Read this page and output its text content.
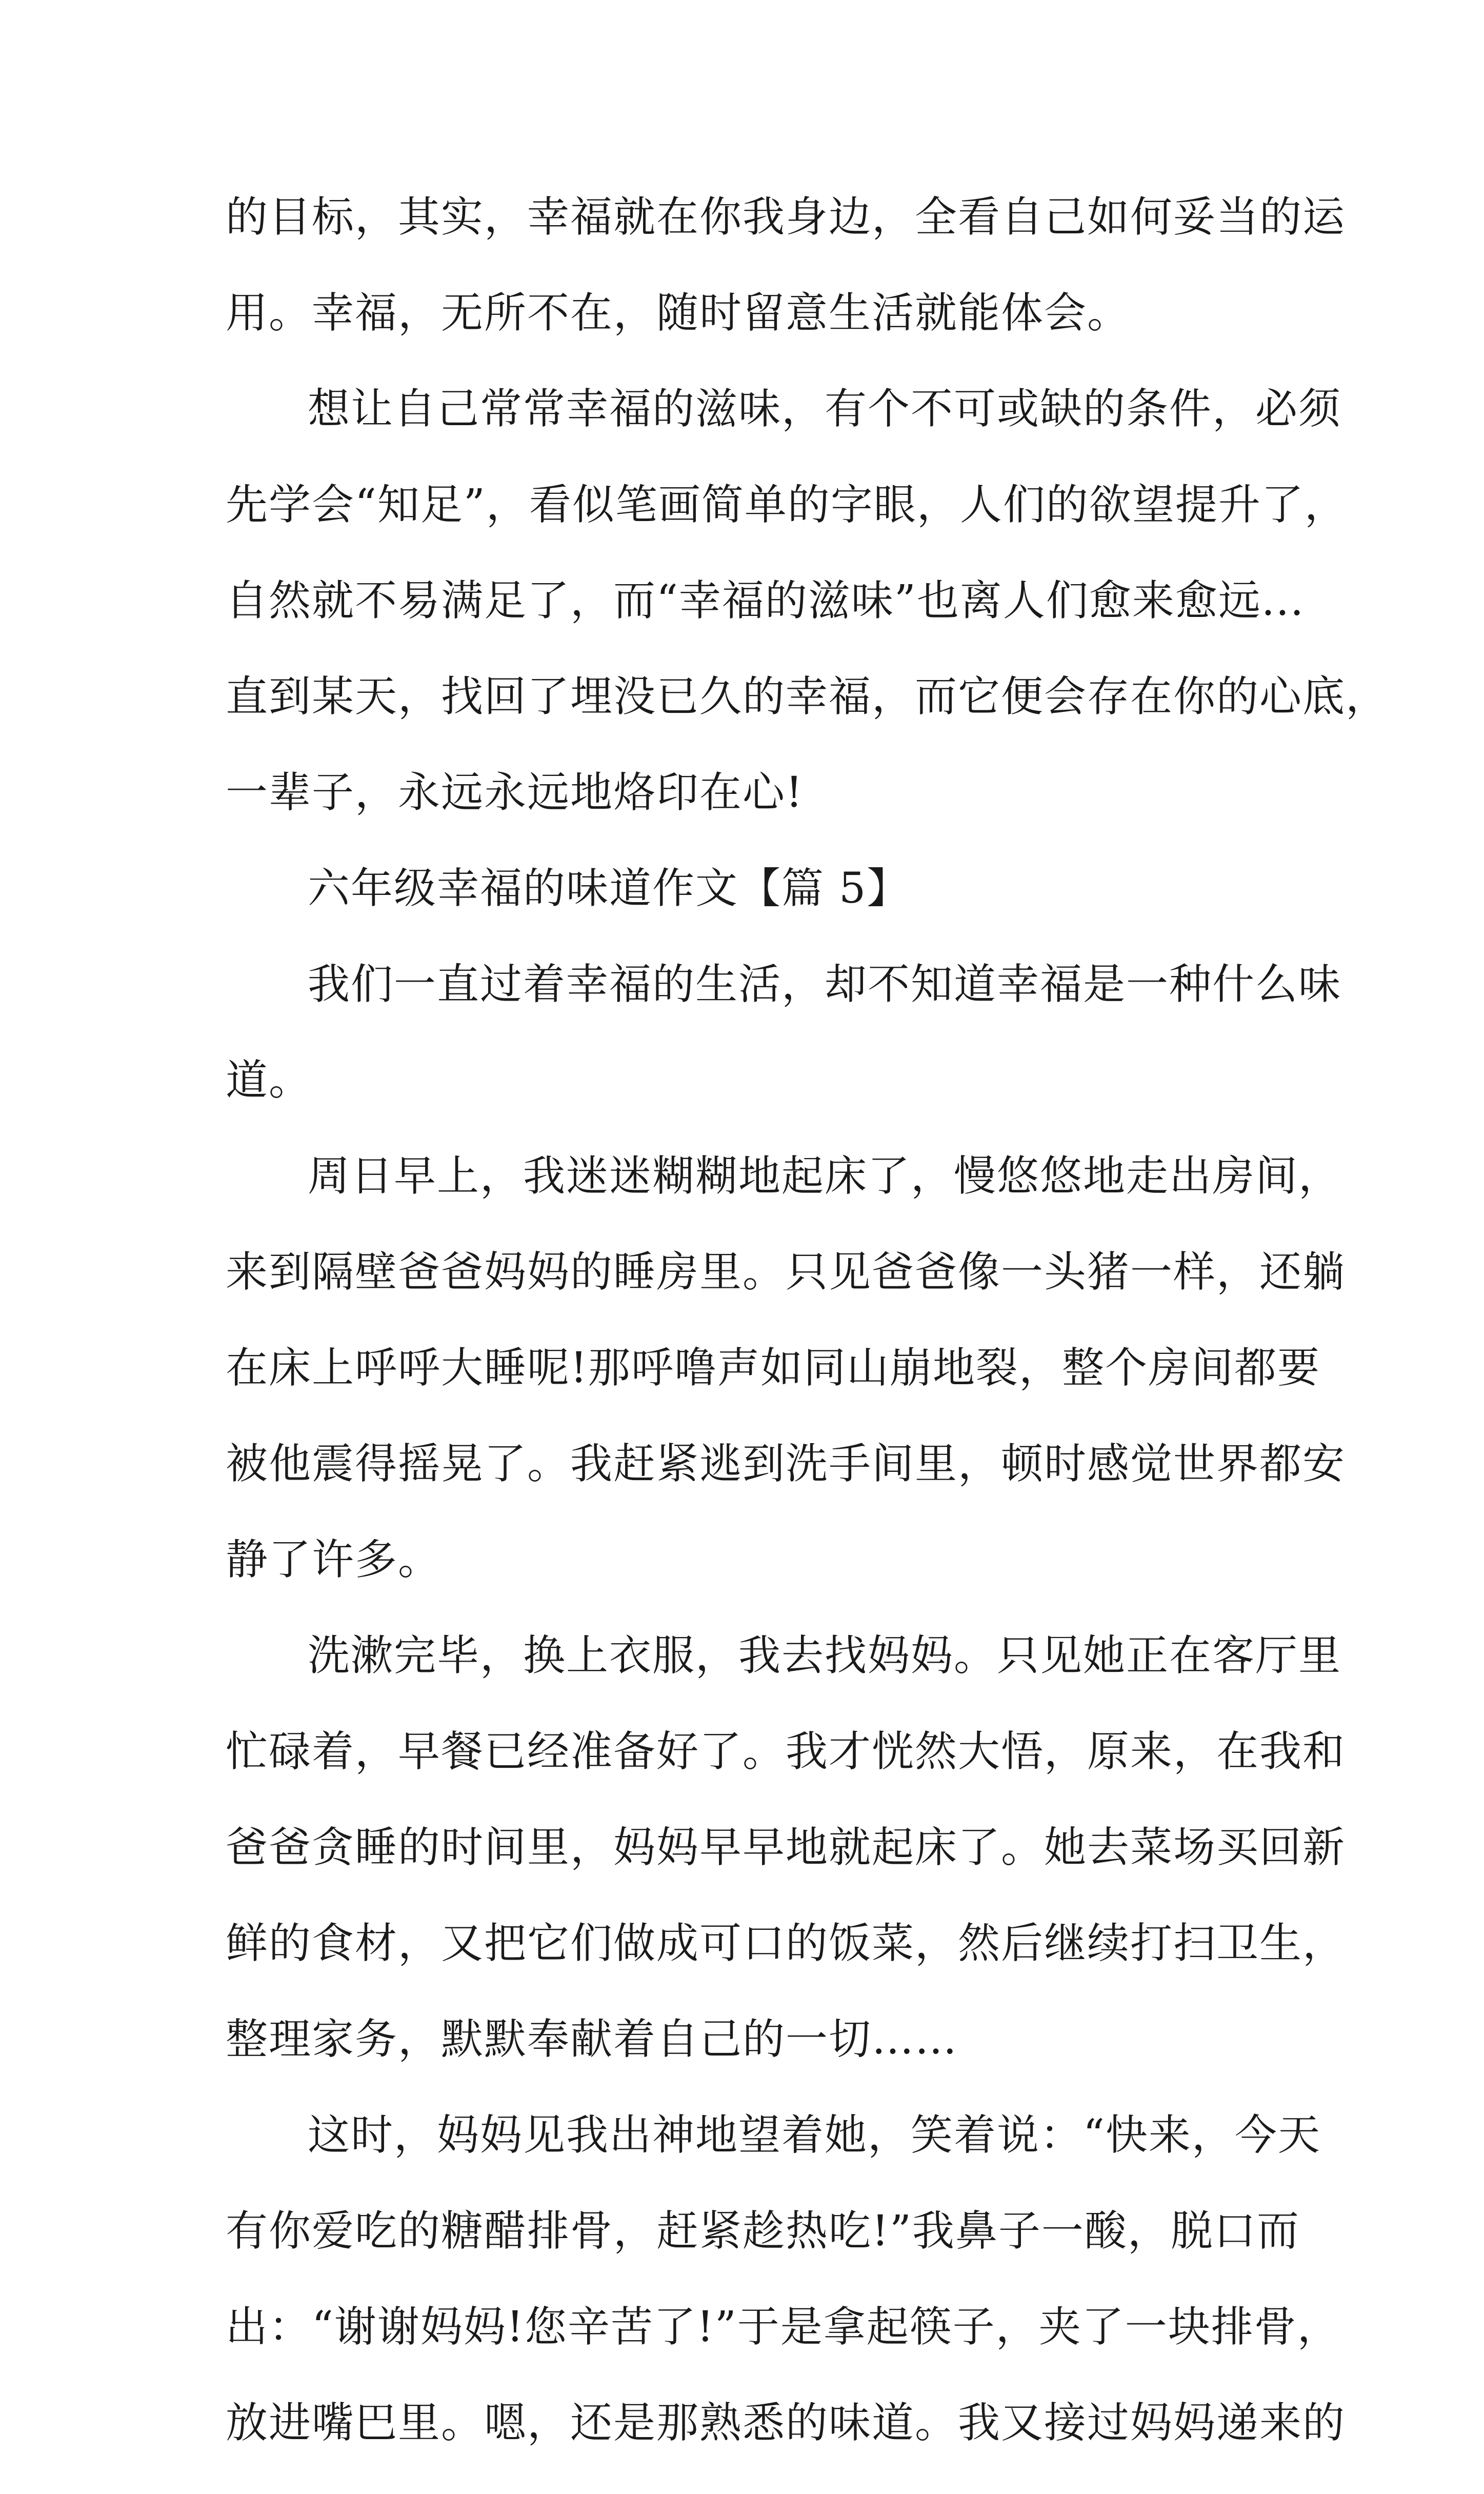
的目标，其实，幸福就在你我身边，全看自己如何妥当的运
用。幸福，无所不在，随时留意生活就能体会。
想让自己常常幸福的滋味，有个不可或缺的条件，必须
先学会“知足”，看似笔画简单的字眼，人们的欲望提升了，
自然就不易满足了，而“幸福的滋味”也离人们愈来愈远...
直到某天，找回了埋没已久的幸福，而它便会存在你的心底，
一辈子，永远永远地烙印在心!
六年级幸福的味道作文【篇 5】
我们一直过着幸福的生活，却不知道幸福是一种什么味
道。
周日早上，我迷迷糊糊地起床了，慢悠悠地走出房间，
来到隔壁爸爸妈妈的睡房里。只见爸爸像一头猪一样，还躺
在床上呼呼大睡呢!那呼噜声如同山崩地裂，整个房间都要
被他震得摇晃了。我赶紧逃到洗手间里，顿时感觉世界都安
静了许多。
洗漱完毕，换上衣服，我去找妈妈。只见她正在客厅里
忙碌着，早餐已经准备好了。我才恍然大悟，原来，在我和
爸爸贪睡的时间里，妈妈早早地就起床了。她去菜场买回新
鲜的食材，又把它们做成可口的饭菜，然后继续打扫卫生，
整理家务，默默奉献着自己的一切……
这时，妈妈见我出神地望着她，笑着说：“快来，今天
有你爱吃的糖醋排骨，赶紧趁热吃!”我鼻子一酸，脱口而
出：“谢谢妈妈!您辛苦了!”于是拿起筷子，夹了一块排骨，
放进嘴巴里。嗯，还是那熟悉的味道。我又接过妈妈递来的
